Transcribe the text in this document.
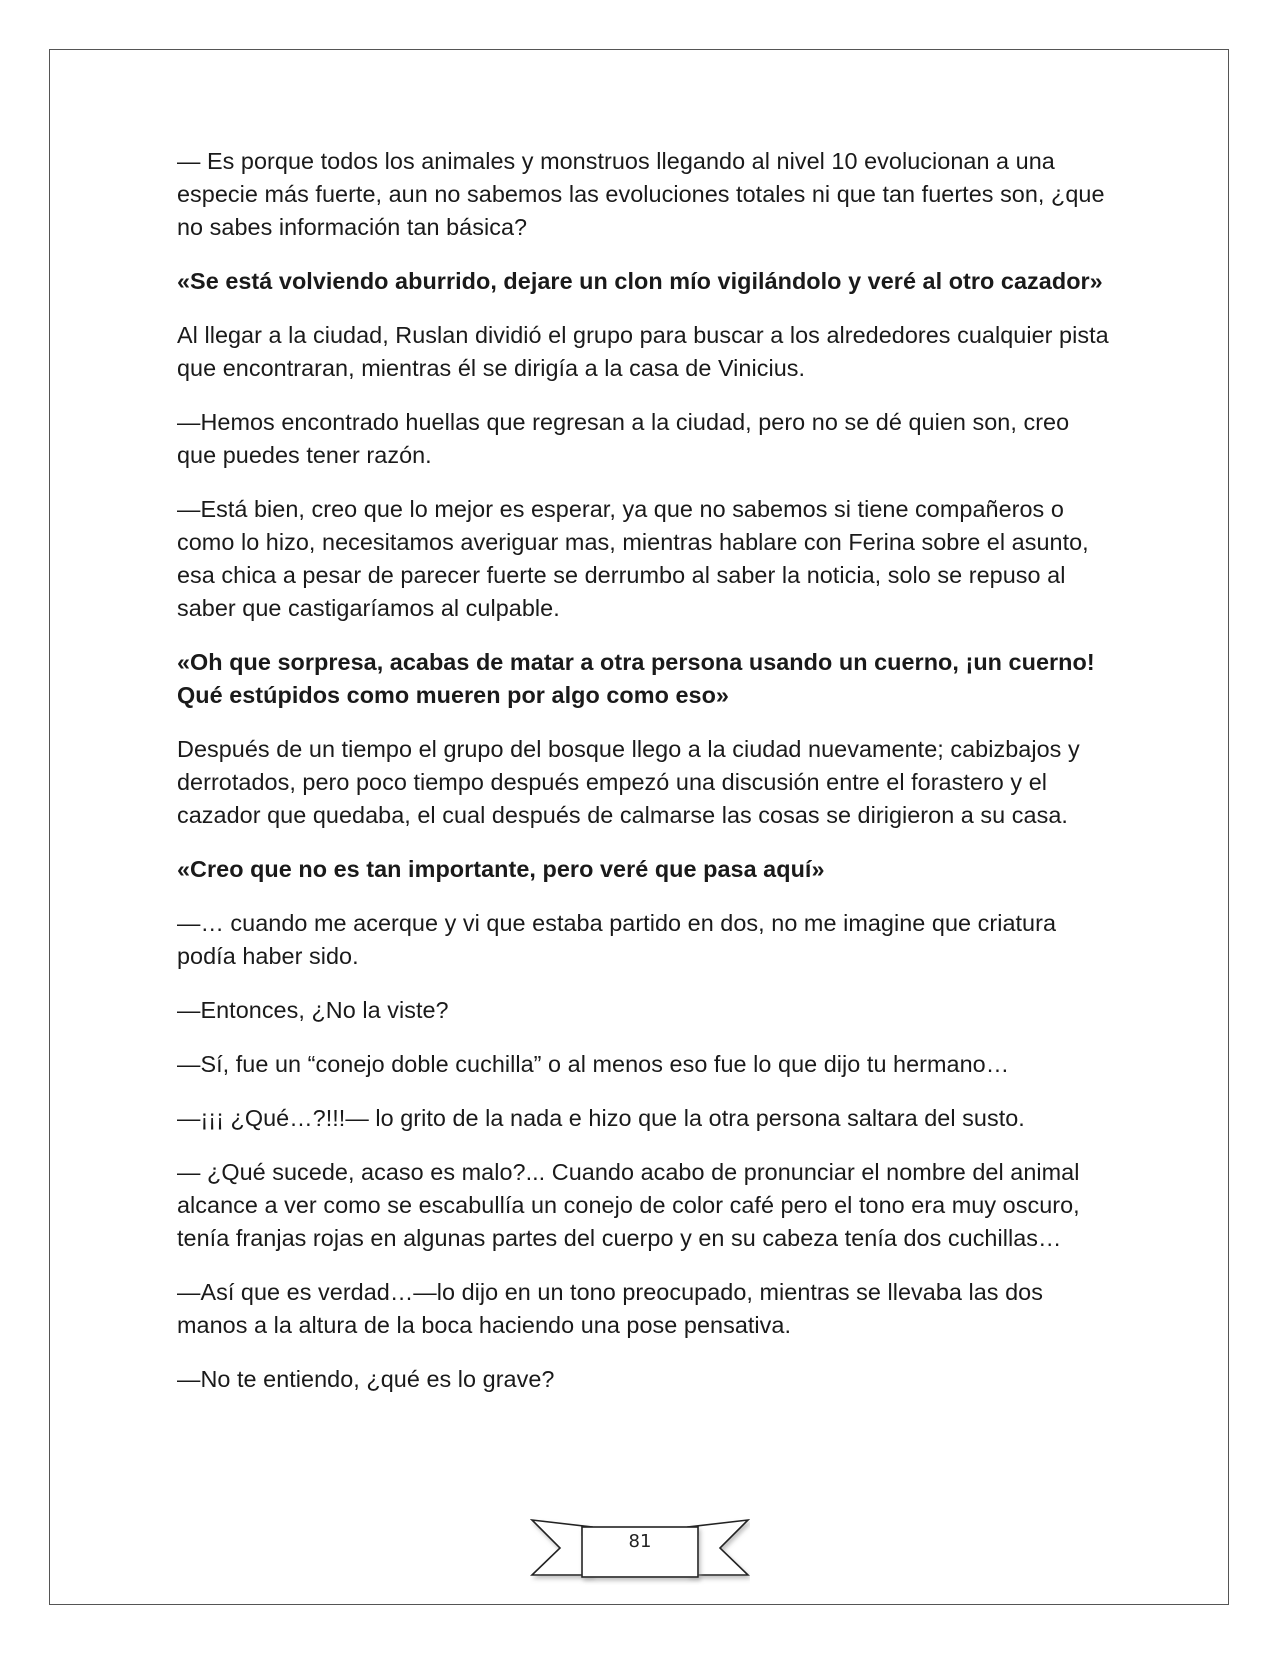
— Es porque todos los animales y monstruos llegando al nivel 10 evolucionan a una especie más fuerte, aun no sabemos las evoluciones totales ni que tan fuertes son, ¿que no sabes información tan básica?

«Se está volviendo aburrido, dejare un clon mío vigilándolo y veré al otro cazador»

Al llegar a la ciudad, Ruslan dividió el grupo para buscar a los alrededores cualquier pista que encontraran, mientras él se dirigía a la casa de Vinicius.

—Hemos encontrado huellas que regresan a la ciudad, pero no se dé quien son, creo que puedes tener razón.

—Está bien, creo que lo mejor es esperar, ya que no sabemos si tiene compañeros o como lo hizo, necesitamos averiguar mas, mientras hablare con Ferina sobre el asunto, esa chica a pesar de parecer fuerte se derrumbo al saber la noticia, solo se repuso al saber que castigaríamos al culpable.

«Oh que sorpresa, acabas de matar a otra persona usando un cuerno, ¡un cuerno! Qué estúpidos como mueren por algo como eso»

Después de un tiempo el grupo del bosque llego a la ciudad nuevamente; cabizbajos y derrotados, pero poco tiempo después empezó una discusión entre el forastero y el cazador que quedaba, el cual después de calmarse las cosas se dirigieron a su casa.

«Creo que no es tan importante, pero veré que pasa aquí»

—… cuando me acerque y vi que estaba partido en dos, no me imagine que criatura podía haber sido.

—Entonces, ¿No la viste?

—Sí, fue un “conejo doble cuchilla” o al menos eso fue lo que dijo tu hermano…

—¡¡¡ ¿Qué…?!!!— lo grito de la nada e hizo que la otra persona saltara del susto.

— ¿Qué sucede, acaso es malo?... Cuando acabo de pronunciar el nombre del animal alcance a ver como se escabullía un conejo de color café pero el tono era muy oscuro, tenía franjas rojas en algunas partes del cuerpo y en su cabeza tenía dos cuchillas…

—Así que es verdad…—lo dijo en un tono preocupado, mientras se llevaba las dos manos a la altura de la boca haciendo una pose pensativa.

—No te entiendo, ¿qué es lo grave?

81
